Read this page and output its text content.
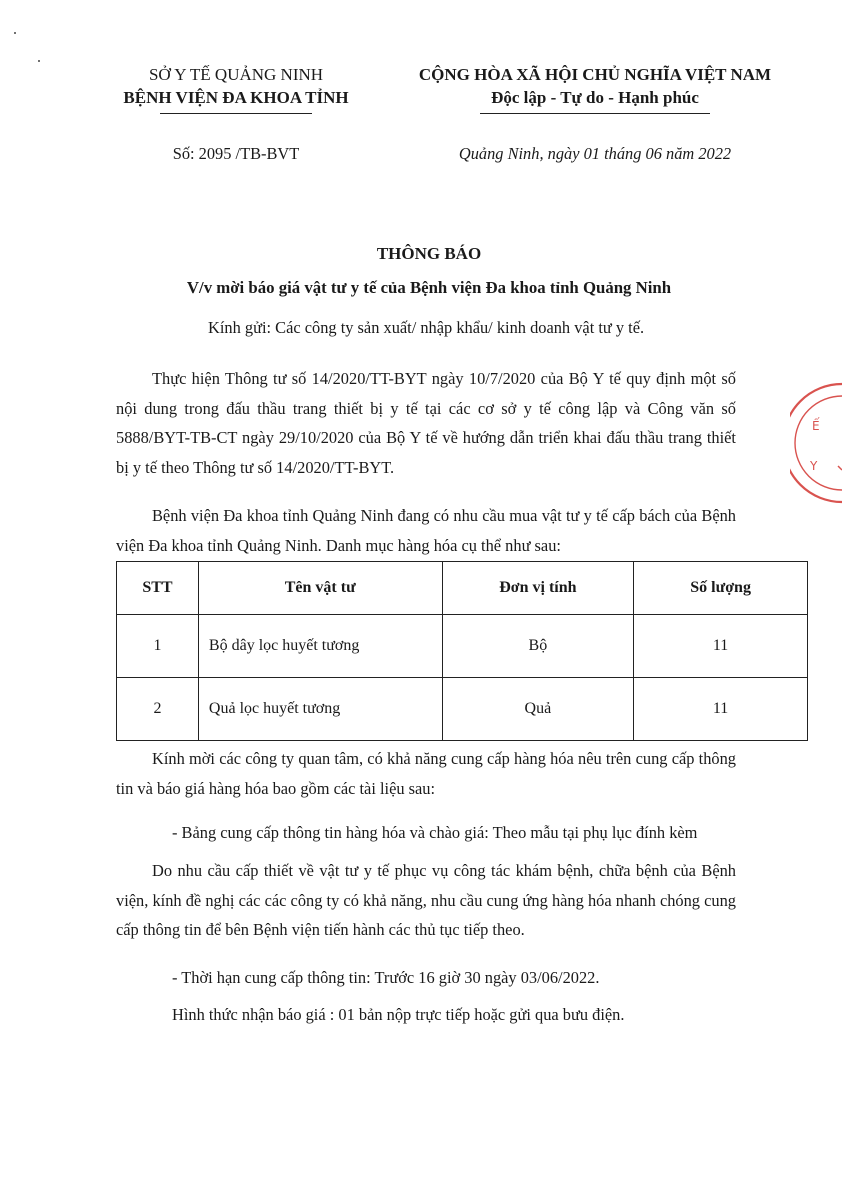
SỞ Y TẾ QUẢNG NINH
BỆNH VIỆN ĐA KHOA TỈNH
CỘNG HÒA XÃ HỘI CHỦ NGHĨA VIỆT NAM
Độc lập - Tự do - Hạnh phúc
Số: 2095 /TB-BVT	Quảng Ninh, ngày 01 tháng 06 năm 2022
THÔNG BÁO
V/v mời báo giá vật tư y tế của Bệnh viện Đa khoa tỉnh Quảng Ninh
Kính gửi: Các công ty sản xuất/ nhập khẩu/ kinh doanh vật tư y tế.
Thực hiện Thông tư số 14/2020/TT-BYT ngày 10/7/2020 của Bộ Y tế quy định một số nội dung trong đấu thầu trang thiết bị y tế tại các cơ sở y tế công lập và Công văn số 5888/BYT-TB-CT ngày 29/10/2020 của Bộ Y tế về hướng dẫn triển khai đấu thầu trang thiết bị y tế theo Thông tư số 14/2020/TT-BYT.
Bệnh viện Đa khoa tỉnh Quảng Ninh đang có nhu cầu mua vật tư y tế cấp bách của Bệnh viện Đa khoa tỉnh Quảng Ninh. Danh mục hàng hóa cụ thể như sau:
STT	Tên vật tư	Đơn vị tính	Số lượng
1	Bộ dây lọc huyết tương	Bộ	11
2	Quả lọc huyết tương	Quả	11
Kính mời các công ty quan tâm, có khả năng cung cấp hàng hóa nêu trên cung cấp thông tin và báo giá hàng hóa bao gồm các tài liệu sau:
- Bảng cung cấp thông tin hàng hóa và chào giá: Theo mẫu tại phụ lục đính kèm
Do nhu cầu cấp thiết về vật tư y tế phục vụ công tác khám bệnh, chữa bệnh của Bệnh viện, kính đề nghị các các công ty có khả năng, nhu cầu cung ứng hàng hóa nhanh chóng cung cấp thông tin để bên Bệnh viện tiến hành các thủ tục tiếp theo.
- Thời hạn cung cấp thông tin: Trước 16 giờ 30 ngày 03/06/2022.
Hình thức nhận báo giá : 01 bản nộp trực tiếp hoặc gửi qua bưu điện.
Ế
Y
